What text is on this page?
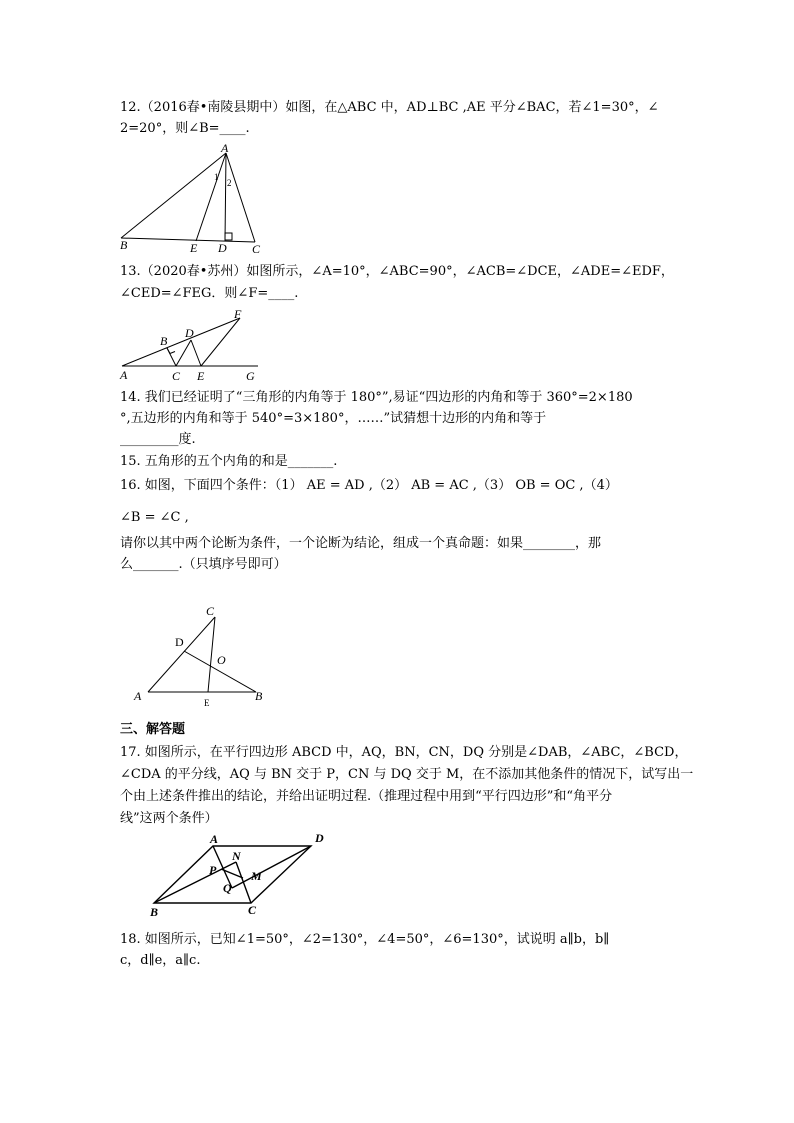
12.（2016春•南陵县期中）如图，在△ABC 中，AD⊥BC ,AE 平分∠BAC，若∠1=30°，∠
2=20°，则∠B=____.
A
B	E D C
1
2
13.（2020春•苏州）如图所示，∠A=10°，∠ABC=90°，∠ACB=∠DCE，∠ADE=∠EDF，
∠CED=∠FEG．则∠F=____.
A
B
C
D
E
F
G
14. 我们已经证明了“三角形的内角等于 180°”,易证“四边形的内角和等于 360°=2×180
°,五边形的内角和等于 540°=3×180°，……”试猜想十边形的内角和等于
_________度.
15. 五角形的五个内角的和是_______.
16. 如图，下面四个条件：（1） AE = AD ,（2） AB = AC ,（3） OB = OC ,（4）
∠B = ∠C ,
请你以其中两个论断为条件，一个论断为结论，组成一个真命题：如果________，那
么_______.（只填序号即可）
C
D
O
A	E	B
三、解答题
17. 如图所示，在平行四边形 ABCD 中，AQ，BN，CN，DQ 分别是∠DAB，∠ABC，∠BCD，
∠CDA 的平分线，AQ 与 BN 交于 P，CN 与 DQ 交于 M，在不添加其他条件的情况下，试写出一
个由上述条件推出的结论，并给出证明过程.（推理过程中用到“平行四边形”和“角平分
线”这两个条件）
A	D
N
P	M
Q
B	C
18. 如图所示，已知∠1=50°，∠2=130°，∠4=50°，∠6=130°，试说明 a∥b，b∥
c，d∥e，a∥c.
